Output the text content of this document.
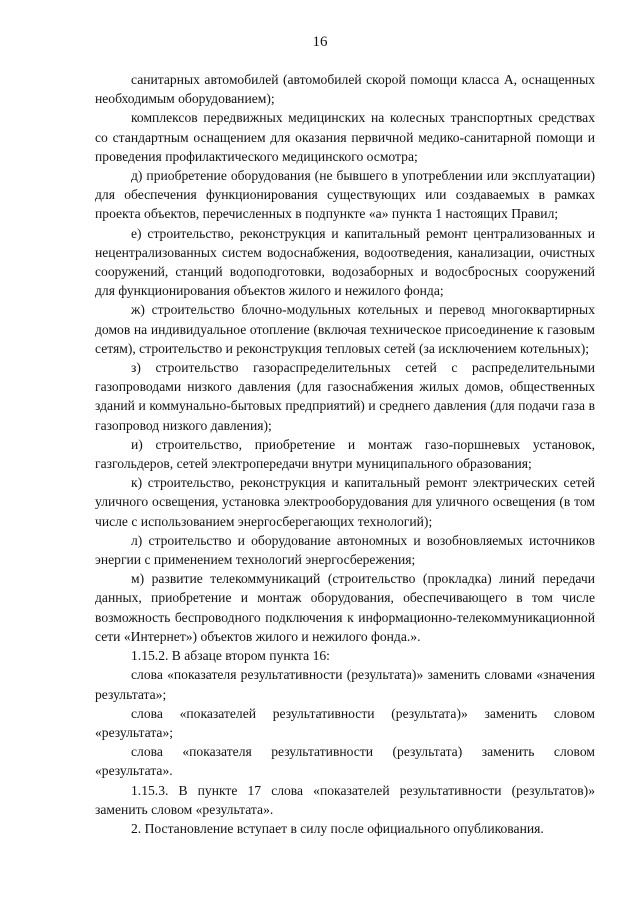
16

санитарных автомобилей (автомобилей скорой помощи класса А, оснащенных необходимым оборудованием);

комплексов передвижных медицинских на колесных транспортных средствах со стандартным оснащением для оказания первичной медико-санитарной помощи и проведения профилактического медицинского осмотра;

д) приобретение оборудования (не бывшего в употреблении или эксплуатации) для обеспечения функционирования существующих или создаваемых в рамках проекта объектов, перечисленных в подпункте «а» пункта 1 настоящих Правил;

е) строительство, реконструкция и капитальный ремонт централизованных и нецентрализованных систем водоснабжения, водоотведения, канализации, очистных сооружений, станций водоподготовки, водозаборных и водосбросных сооружений для функционирования объектов жилого и нежилого фонда;

ж) строительство блочно-модульных котельных и перевод многоквартирных домов на индивидуальное отопление (включая техническое присоединение к газовым сетям), строительство и реконструкция тепловых сетей (за исключением котельных);

з) строительство газораспределительных сетей с распределительными газопроводами низкого давления (для газоснабжения жилых домов, общественных зданий и коммунально-бытовых предприятий) и среднего давления (для подачи газа в газопровод низкого давления);

и) строительство, приобретение и монтаж газо-поршневых установок, газгольдеров, сетей электропередачи внутри муниципального образования;

к) строительство, реконструкция и капитальный ремонт электрических сетей уличного освещения, установка электрооборудования для уличного освещения (в том числе с использованием энергосберегающих технологий);

л) строительство и оборудование автономных и возобновляемых источников энергии с применением технологий энергосбережения;

м) развитие телекоммуникаций (строительство (прокладка) линий передачи данных, приобретение и монтаж оборудования, обеспечивающего в том числе возможность беспроводного подключения к информационно-телекоммуникационной сети «Интернет») объектов жилого и нежилого фонда.».

1.15.2. В абзаце втором пункта 16:

слова «показателя результативности (результата)» заменить словами «значения результата»;

слова «показателей результативности (результата)» заменить словом «результата»;

слова «показателя результативности (результата) заменить словом «результата».

1.15.3. В пункте 17 слова «показателей результативности (результатов)» заменить словом «результата».

2. Постановление вступает в силу после официального опубликования.
